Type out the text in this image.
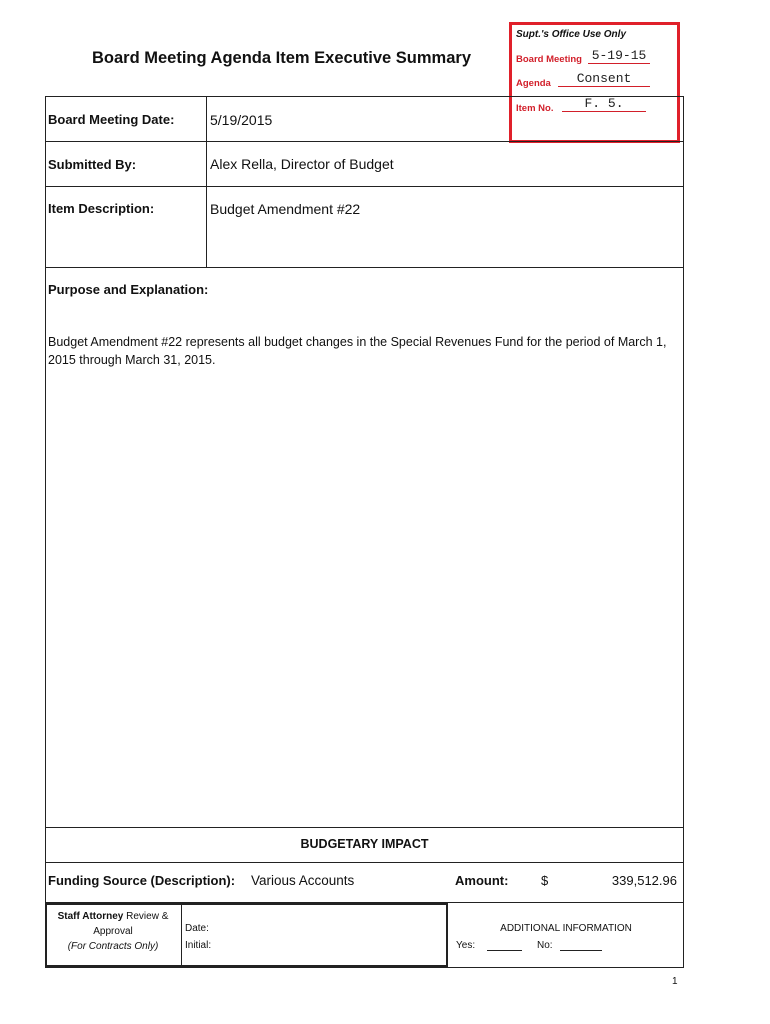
Board Meeting Agenda Item Executive Summary
Supt.'s Office Use Only
Board Meeting 5-19-15
Agenda	Consent
Item No.	F. 5.
Board Meeting Date:	5/19/2015
Submitted By:	Alex Rella, Director of Budget
Item Description:	Budget Amendment #22
Purpose and Explanation:
Budget Amendment #22 represents all budget changes in the Special Revenues Fund for the period of March 1, 2015 through March 31, 2015.
BUDGETARY IMPACT
Funding Source (Description): Various Accounts	Amount:	$	339,512.96
Staff Attorney Review &
Approval
(For Contracts Only)
Date:
Initial:
ADDITIONAL INFORMATION
Yes:	No:
1
